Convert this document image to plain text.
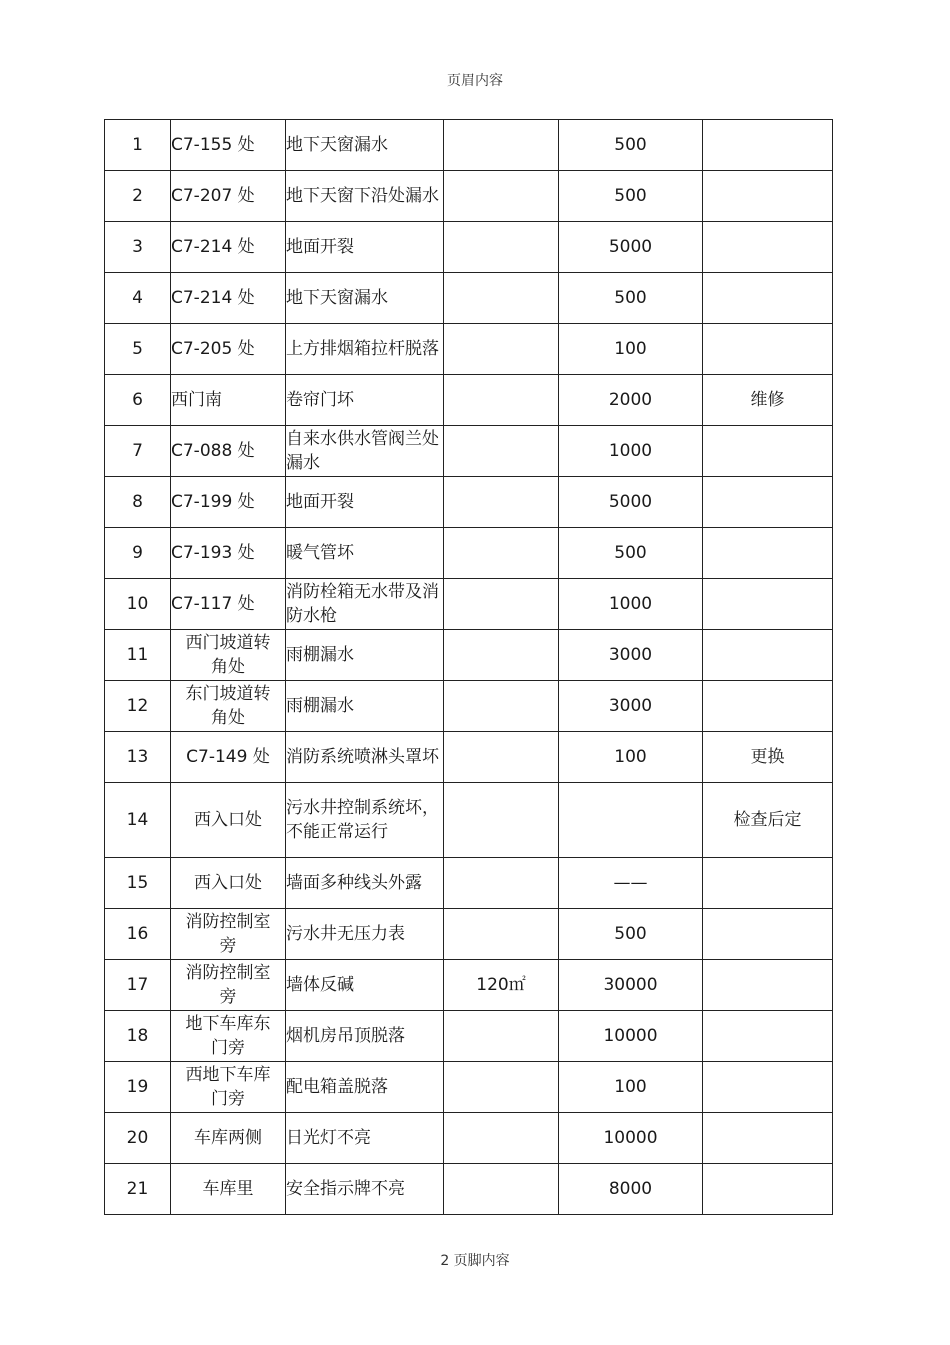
页眉内容
1	C7-155 处	地下天窗漏水		500	
2	C7-207 处	地下天窗下沿处漏水		500	
3	C7-214 处	地面开裂		5000	
4	C7-214 处	地下天窗漏水		500	
5	C7-205 处	上方排烟箱拉杆脱落		100	
6	西门南	卷帘门坏		2000	维修
7	C7-088 处	自来水供水管阀兰处漏水		1000	
8	C7-199 处	地面开裂		5000	
9	C7-193 处	暖气管坏		500	
10	C7-117 处	消防栓箱无水带及消防水枪		1000	
11	西门坡道转角处	雨棚漏水		3000	
12	东门坡道转角处	雨棚漏水		3000	
13	C7-149 处	消防系统喷淋头罩坏		100	更换
14	西入口处	污水井控制系统坏，不能正常运行			检查后定
15	西入口处	墙面多种线头外露		——	
16	消防控制室旁	污水井无压力表		500	
17	消防控制室旁	墙体反碱	120㎡	30000	
18	地下车库东门旁	烟机房吊顶脱落		10000	
19	西地下车库门旁	配电箱盖脱落		100	
20	车库两侧	日光灯不亮		10000	
21	车库里	安全指示牌不亮		8000	
2 页脚内容
